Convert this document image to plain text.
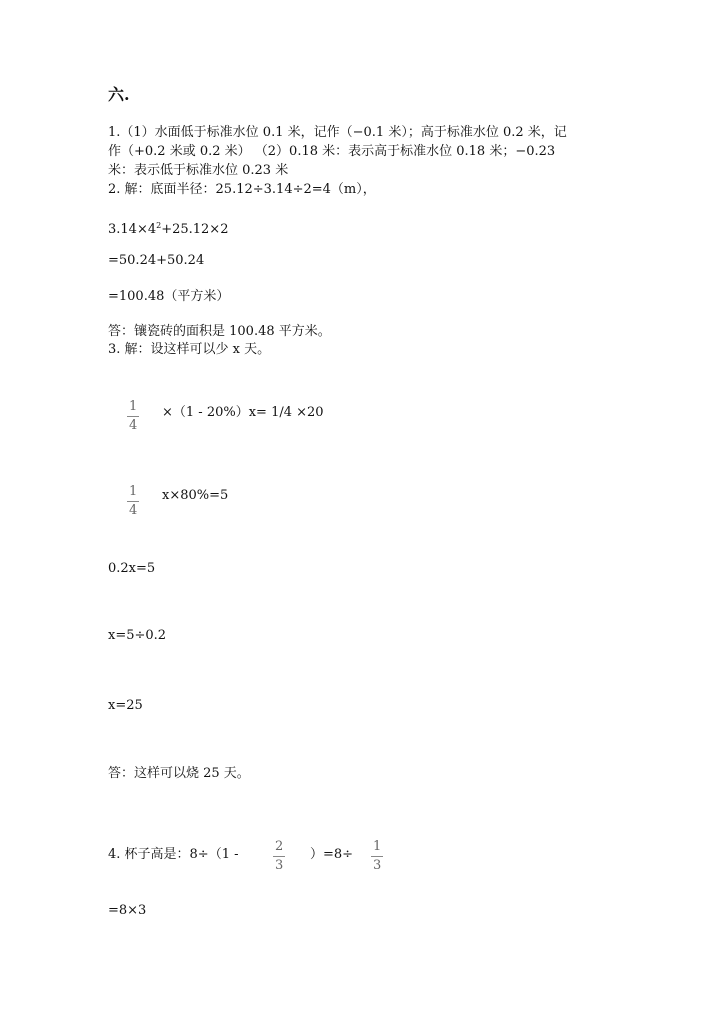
六.
1.（1）水面低于标准水位 0.1 米，记作（−0.1 米）；高于标准水位 0.2 米，记
作（+0.2 米或 0.2 米） （2）0.18 米：表示高于标准水位 0.18 米；−0.23
米：表示低于标准水位 0.23 米
2. 解：底面半径：25.12÷3.14÷2=4（m），
$3.14\times 4^2+25.12\times 2$
=50.24+50.24
=100.48（平方米）
答：镶瓷砖的面积是 100.48 平方米。
3. 解：设这样可以少 x 天。
1
4
×（1 - 20%）x= 1/4 ×20
1
4
x×80%=5
0.2x=5
x=5÷0.2
x=25
答：这样可以烧 25 天。
4. 杯子高是：8÷（1 -
2
3
）=8÷
1
3
=8×3
